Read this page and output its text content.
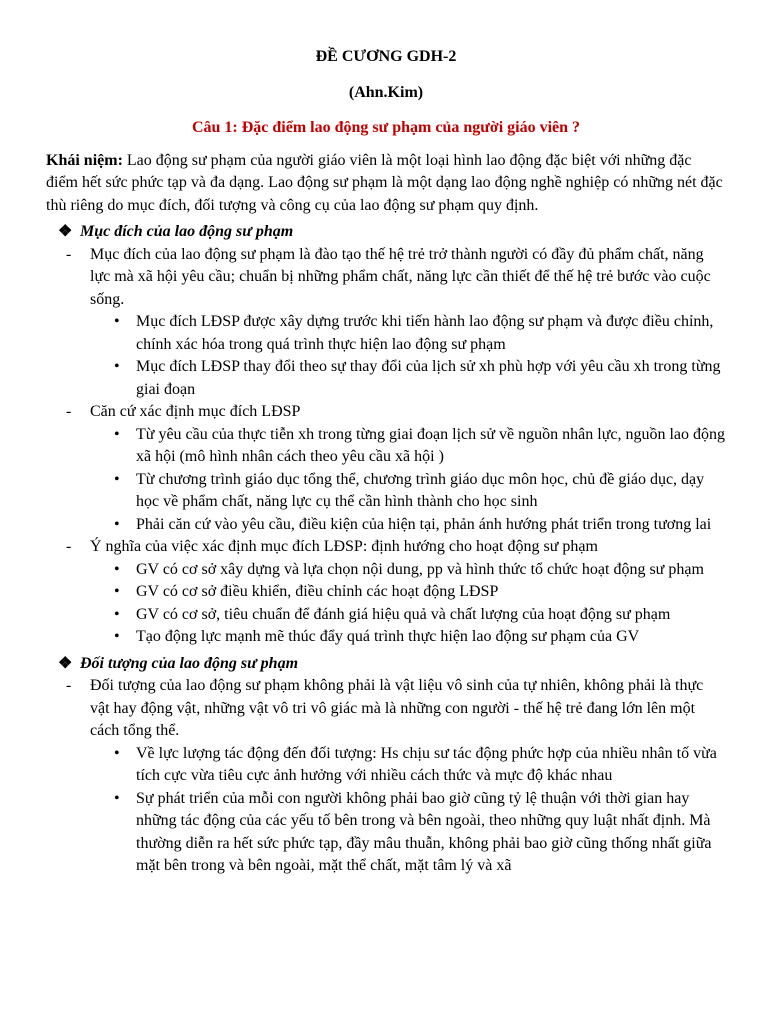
ĐỀ CƯƠNG GDH-2
(Ahn.Kim)
Câu 1: Đặc điểm lao động sư phạm của người giáo viên ?
Khái niệm: Lao động sư phạm của người giáo viên là một loại hình lao động đặc biệt với những đặc điểm hết sức phức tạp và đa dạng. Lao động sư phạm là một dạng lao động nghề nghiệp có những nét đặc thù riêng do mục đích, đối tượng và công cụ của lao động sư phạm quy định.
❖ Mục đích của lao động sư phạm
- Mục đích của lao động sư phạm là đào tạo thế hệ trẻ trở thành người có đầy đủ phẩm chất, năng lực mà xã hội yêu cầu; chuẩn bị những phẩm chất, năng lực cần thiết để thế hệ trẻ bước vào cuộc sống.
• Mục đích LĐSP được xây dựng trước khi tiến hành lao động sư phạm và được điều chỉnh, chính xác hóa trong quá trình thực hiện lao động sư phạm
• Mục đích LĐSP thay đổi theo sự thay đổi của lịch sử xh phù hợp với yêu cầu xh trong từng giai đoạn
- Căn cứ xác định mục đích LĐSP
• Từ yêu cầu của thực tiễn xh trong từng giai đoạn lịch sử về nguồn nhân lực, nguồn lao động xã hội (mô hình nhân cách theo yêu cầu xã hội )
• Từ chương trình giáo dục tổng thể, chương trình giáo dục môn học, chủ đề giáo dục, dạy học về phẩm chất, năng lực cụ thể cần hình thành cho học sinh
• Phải căn cứ vào yêu cầu, điều kiện của hiện tại, phản ánh hướng phát triển trong tương lai
- Ý nghĩa của việc xác định mục đích LĐSP: định hướng cho hoạt động sư phạm
• GV có cơ sở xây dựng và lựa chọn nội dung, pp và hình thức tổ chức hoạt động sư phạm
• GV có cơ sở điều khiển, điều chỉnh các hoạt động LĐSP
• GV có cơ sở, tiêu chuẩn để đánh giá hiệu quả và chất lượng của hoạt động sư phạm
• Tạo động lực mạnh mẽ thúc đẩy quá trình thực hiện lao động sư phạm của GV
❖ Đối tượng của lao động sư phạm
- Đối tượng của lao động sư phạm không phải là vật liệu vô sinh của tự nhiên, không phải là thực vật hay động vật, những vật vô tri vô giác mà là những con người - thế hệ trẻ đang lớn lên một cách tổng thể.
• Về lực lượng tác động đến đối tượng: Hs chịu sư tác động phức hợp của nhiều nhân tố vừa tích cực vừa tiêu cực ảnh hưởng với nhiều cách thức và mực độ khác nhau
• Sự phát triển của mỗi con người không phải bao giờ cũng tỷ lệ thuận với thời gian hay những tác động của các yếu tố bên trong và bên ngoài, theo những quy luật nhất định. Mà thường diễn ra hết sức phức tạp, đầy mâu thuẫn, không phải bao giờ cũng thống nhất giữa mặt bên trong và bên ngoài, mặt thể chất, mặt tâm lý và xã
